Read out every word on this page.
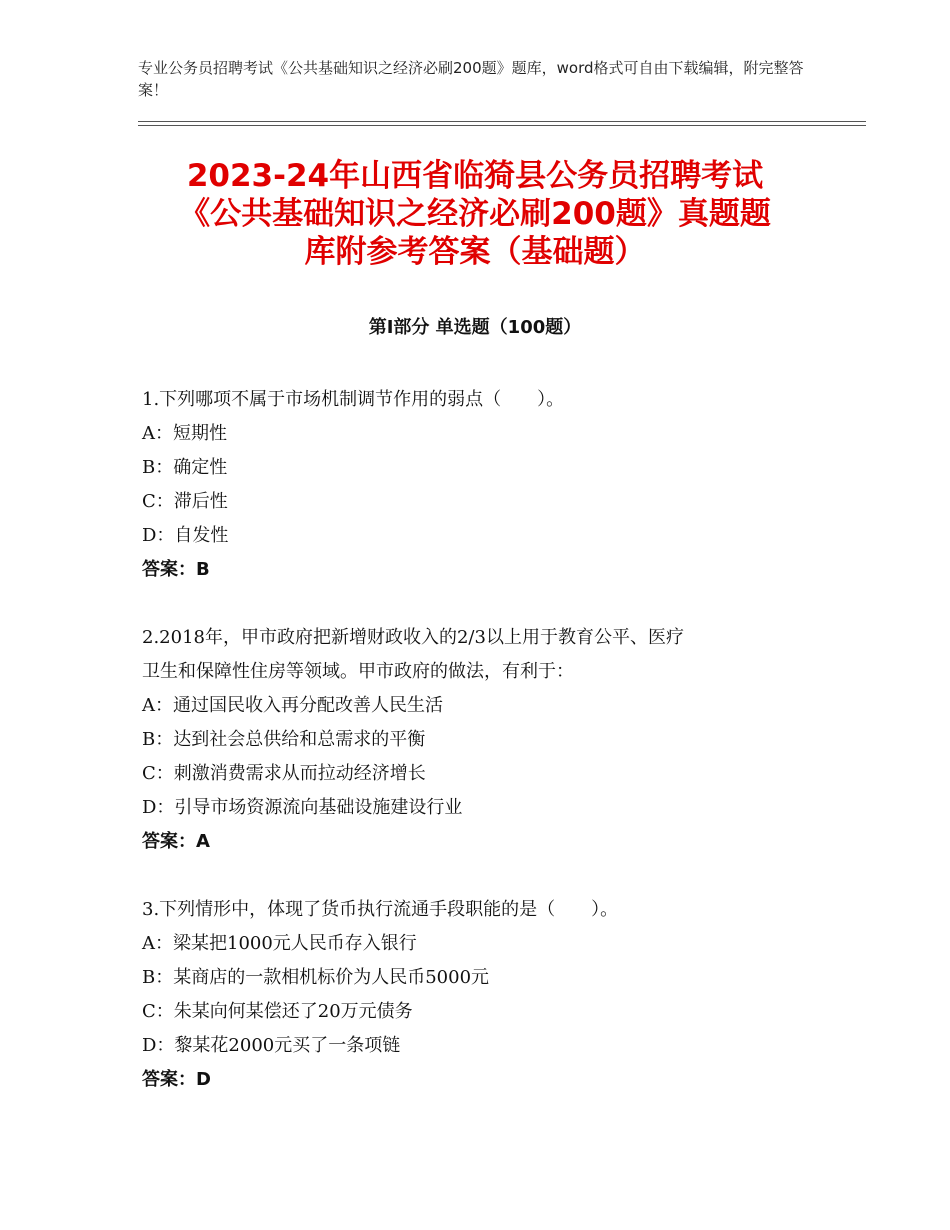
专业公务员招聘考试《公共基础知识之经济必刷200题》题库，word格式可自由下载编辑，附完整答案！
2023-24年山西省临猗县公务员招聘考试
《公共基础知识之经济必刷200题》真题题
库附参考答案（基础题）
第Ⅰ部分 单选题（100题）
1.下列哪项不属于市场机制调节作用的弱点（　　）。
A：短期性
B：确定性
C：滞后性
D：自发性
答案：B
2.2018年，甲市政府把新增财政收入的2/3以上用于教育公平、医疗
卫生和保障性住房等领域。甲市政府的做法，有利于：
A：通过国民收入再分配改善人民生活
B：达到社会总供给和总需求的平衡
C：刺激消费需求从而拉动经济增长
D：引导市场资源流向基础设施建设行业
答案：A
3.下列情形中，体现了货币执行流通手段职能的是（　　）。
A：梁某把1000元人民币存入银行
B：某商店的一款相机标价为人民币5000元
C：朱某向何某偿还了20万元债务
D：黎某花2000元买了一条项链
答案：D
